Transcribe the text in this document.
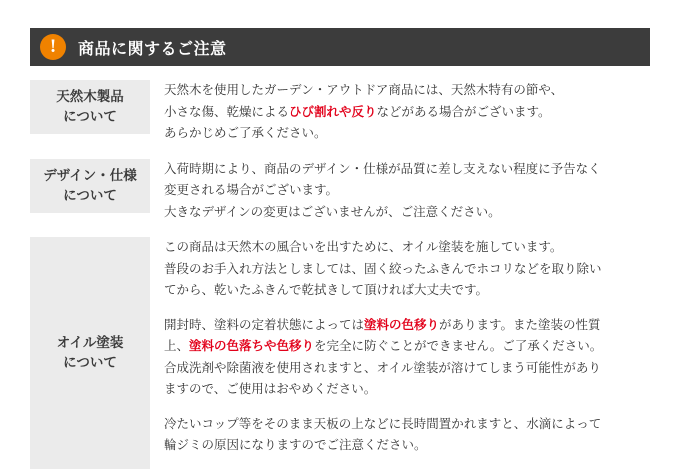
!	商品に関するご注意
天然木製品
について

天然木を使用したガーデン・アウトドア商品には、天然木特有の節や、

小さな傷、乾燥によるひび割れや反りなどがある場合がございます。

あらかじめご了承ください。

デザイン・仕様
について

入荷時期により、商品のデザイン・仕様が品質に差し支えない程度に予告なく

変更される場合がございます。

大きなデザインの変更はございませんが、ご注意ください。

オイル塗装
について

この商品は天然木の風合いを出すために、オイル塗装を施しています。

普段のお手入れ方法としましては、固く絞ったふきんでホコリなどを取り除い

てから、乾いたふきんで乾拭きして頂ければ大丈夫です。

開封時、塗料の定着状態によっては塗料の色移りがあります。また塗装の性質

上、塗料の色落ちや色移りを完全に防ぐことができません。ご了承ください。

合成洗剤や除菌液を使用されますと、オイル塗装が溶けてしまう可能性があり

ますので、ご使用はおやめください。

冷たいコップ等をそのまま天板の上などに長時間置かれますと、水滴によって

輪ジミの原因になりますのでご注意ください。
